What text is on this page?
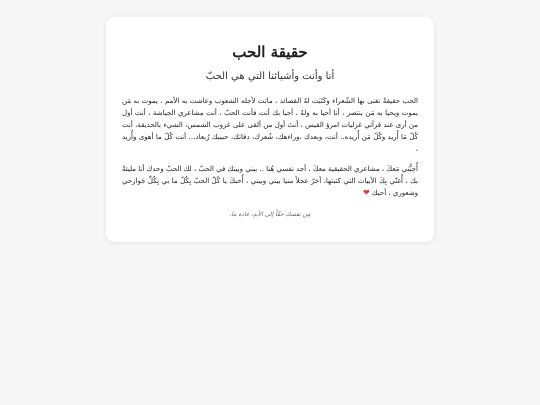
حقيقة الحب
أنا وأنت وأشيائنا التي هي الحبّ

الحب حقيقةٌ تغنى بها الشّعراء وكَتَبَت لهُ القصائد ، ماتت لأجله الشعوب وعاشت به الأمم ، يموت به مَن يموت ويحيا به مَن ينتصر ، أنا أحيا به ولهُ ، أحيا بك أنت فأنت الحبّ ، أنت مشاعري الجياشة ، أنت أول من أرى عند قرآتي غزليات امرؤ القيس ، أنتَ أول من ألقى على غروب الشمس، الشيء بالحديقة، أنت كُلّ مَا أُريد وكُلّ مَن أُريده.. أنت، وبعدك ،وراءهك، شُعرك، دقاتك، حبيبك رُبعاد… أنت كُلّ ما أهوى وأُريد ،

أُحِبُّني مَعكَ ، مشاعري الحقيقية معكَ ، أجد نفسي هُنا .. بيني وبينك في الحبّ ، لك الحبّ وحدك أنا مليئةٌ بك ، أُغنّي بِكَ الأبيات التي كتبتها، أخرّ عجلاً منيا بيني وبيني ، أُحبكَ يا كُلّ الحبّ بِكُلّ ما بي بِكُلِّ جَوارحي وشعوري ، أحبك ❤

مِن نفسك حقّاً إلى الأبدِ، غادة ما.
